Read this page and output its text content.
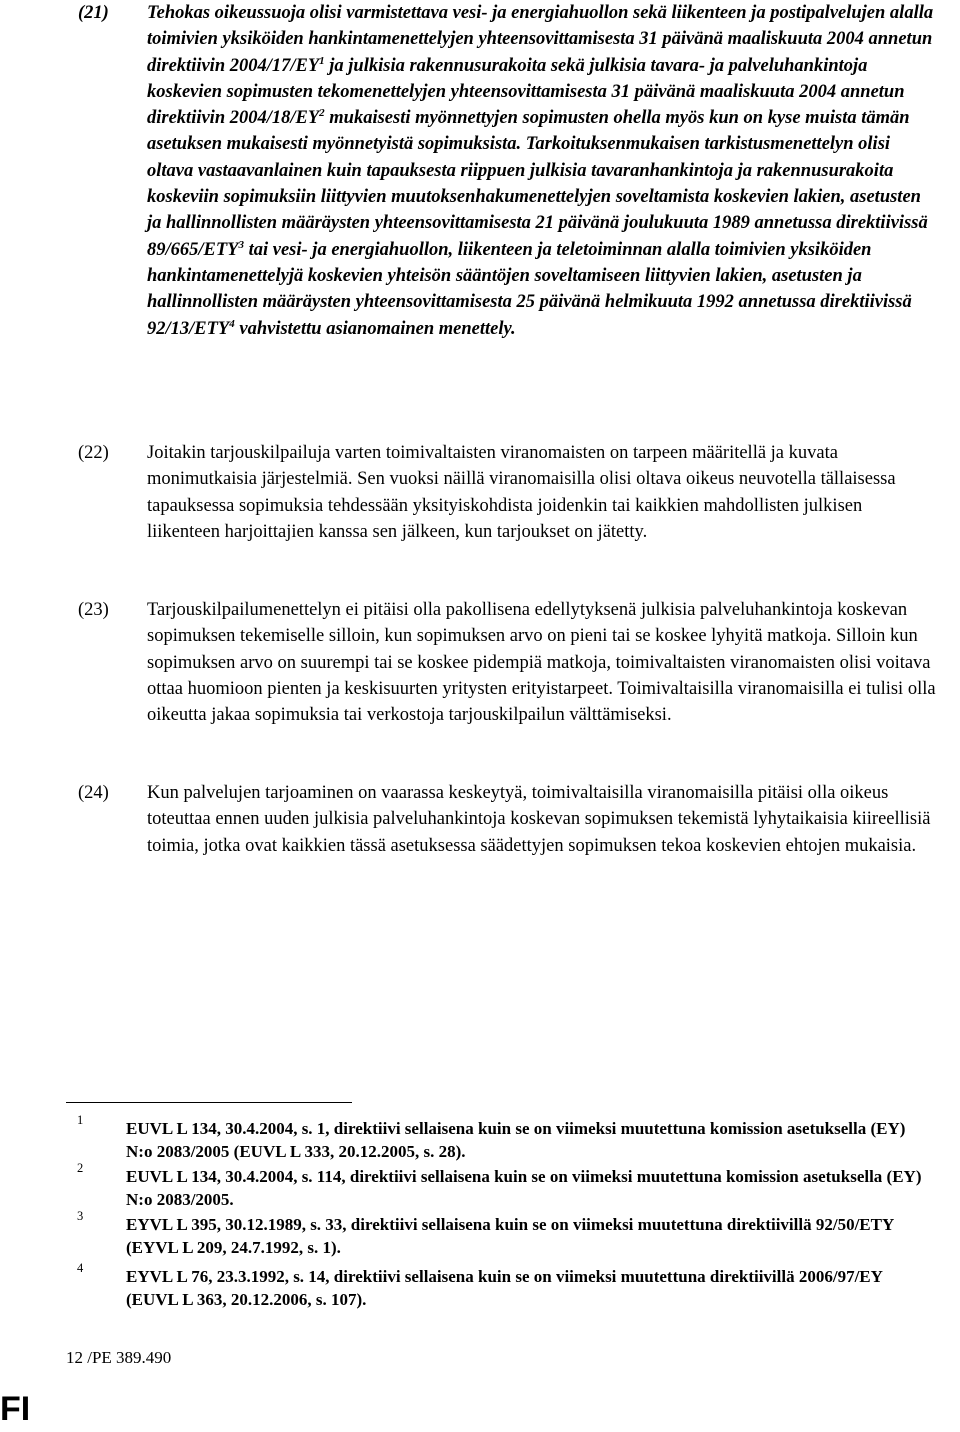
(21) Tehokas oikeussuoja olisi varmistettava vesi- ja energiahuollon sekä liikenteen ja postipalvelujen alalla toimivien yksiköiden hankintamenettelyjen yhteensovittamisesta 31 päivänä maaliskuuta 2004 annetun direktiivin $2004/17/EY^1$ ja julkisia rakennusurakoita sekä julkisia tavara- ja palveluhankintoja koskevien sopimusten tekomenettelyjen yhteensovittamisesta 31 päivänä maaliskuuta 2004 annetun direktiivin $2004/18/EY^2$ mukaisesti myönnettyjen sopimusten ohella myös kun on kyse muista tämän asetuksen mukaisesti myönnetyistä sopimuksista. Tarkoituksenmukaisen tarkistusmenettelyn olisi oltava vastaavanlainen kuin tapauksesta riippuen julkisia tavaranhankintoja ja rakennusurakoita koskeviin sopimuksiin liittyvien muutoksenhakumenettelyjen soveltamista koskevien lakien, asetusten ja hallinnollisten määräysten yhteensovittamisesta 21 päivänä joulukuuta 1989 annetussa direktiivissä 89/665/ETY$^3$ tai vesi- ja energiahuollon, liikenteen ja teletoiminnan alalla toimivien yksiköiden hankintamenettelyjä koskevien yhteisön sääntöjen soveltamiseen liittyvien lakien, asetusten ja hallinnollisten määräysten yhteensovittamisesta 25 päivänä helmikuuta 1992 annetussa direktiivissä 92/13/ETY$^4$ vahvistettu asianomainen menettely.
(22) Joitakin tarjouskilpailuja varten toimivaltaisten viranomaisten on tarpeen määritellä ja kuvata monimutkaisia järjestelmiä. Sen vuoksi näillä viranomaisilla olisi oltava oikeus neuvotella tällaisessa tapauksessa sopimuksia tehdessään yksityiskohdista joidenkin tai kaikkien mahdollisten julkisen liikenteen harjoittajien kanssa sen jälkeen, kun tarjoukset on jätetty.
(23) Tarjouskilpailumenettelyn ei pitäisi olla pakollisena edellytyksenä julkisia palveluhankintoja koskevan sopimuksen tekemiselle silloin, kun sopimuksen arvo on pieni tai se koskee lyhyitä matkoja. Silloin kun sopimuksen arvo on suurempi tai se koskee pidempiä matkoja, toimivaltaisten viranomaisten olisi voitava ottaa huomioon pienten ja keskisuurten yritysten erityistarpeet. Toimivaltaisilla viranomaisilla ei tulisi olla oikeutta jakaa sopimuksia tai verkostoja tarjouskilpailun välttämiseksi.
(24) Kun palvelujen tarjoaminen on vaarassa keskeytyä, toimivaltaisilla viranomaisilla pitäisi olla oikeus toteuttaa ennen uuden julkisia palveluhankintoja koskevan sopimuksen tekemistä lyhytaikaisia kiireellisiä toimia, jotka ovat kaikkien tässä asetuksessa säädettyjen sopimuksen tekoa koskevien ehtojen mukaisia.
1	EUVL L 134, 30.4.2004, s. 1, direktiivi sellaisena kuin se on viimeksi muutettuna komission asetuksella (EY) N:o 2083/2005 (EUVL L 333, 20.12.2005, s. 28).
2	EUVL L 134, 30.4.2004, s. 114, direktiivi sellaisena kuin se on viimeksi muutettuna komission asetuksella (EY) N:o 2083/2005.
3	EYVL L 395, 30.12.1989, s. 33, direktiivi sellaisena kuin se on viimeksi muutettuna direktiivillä 92/50/ETY (EYVL L 209, 24.7.1992, s. 1).
4	EYVL L 76, 23.3.1992, s. 14, direktiivi sellaisena kuin se on viimeksi muutettuna direktiivillä 2006/97/EY (EUVL L 363, 20.12.2006, s. 107).
12 /PE 389.490
FI
